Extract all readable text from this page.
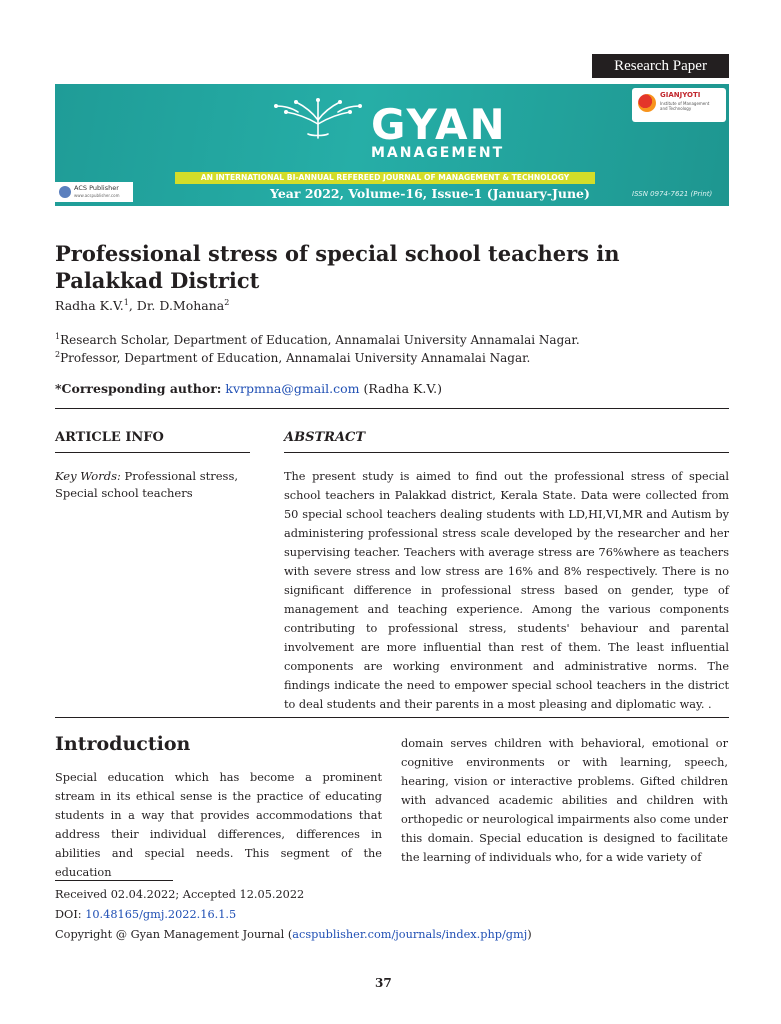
Research Paper
GYAN
MANAGEMENT
GIANJYOTI
Institute of Management
and Technology
AN INTERNATIONAL BI-ANNUAL REFEREED JOURNAL OF MANAGEMENT & TECHNOLOGY
ACS Publisher
www.acspublisher.com	Year 2022, Volume-16, Issue-1 (January-June)	ISSN 0974-7621 (Print)
Professional stress of special school teachers in Palakkad District
Radha K.V.$^1$, Dr. D.Mohana$^2$
$^1$Research Scholar, Department of Education, Annamalai University Annamalai Nagar.
$^2$Professor, Department of Education, Annamalai University Annamalai Nagar.
*Corresponding author: kvrpmna@gmail.com (Radha K.V.)
ARTICLE INFO
Key Words: Professional stress, Special school teachers
ABSTRACT
The present study is aimed to find out the professional stress of special school teachers in Palakkad district, Kerala State. Data were collected from 50 special school teachers dealing students with LD,HI,VI,MR and Autism by administering professional stress scale developed by the researcher and her supervising teacher. Teachers with average stress are 76%where as teachers with severe stress and low stress are 16% and 8% respectively. There is no significant difference in professional stress based on gender, type of management and teaching experience. Among the various components contributing to professional stress, students' behaviour and parental involvement are more influential than rest of them. The least influential components are working environment and administrative norms. The findings indicate the need to empower special school teachers in the district to deal students and their parents in a most pleasing and diplomatic way. .
Introduction
Special education which has become a prominent stream in its ethical sense is the practice of educating students in a way that provides accommodations that address their individual differences, differences in abilities and special needs. This segment of the education
domain serves children with behavioral, emotional or cognitive environments or with learning, speech, hearing, vision or interactive problems. Gifted children with advanced academic abilities and children with orthopedic or neurological impairments also come under this domain. Special education is designed to facilitate the learning of individuals who, for a wide variety of
Received 02.04.2022; Accepted 12.05.2022
DOI: 10.48165/gmj.2022.16.1.5
Copyright @ Gyan Management Journal (acspublisher.com/journals/index.php/gmj)
37
